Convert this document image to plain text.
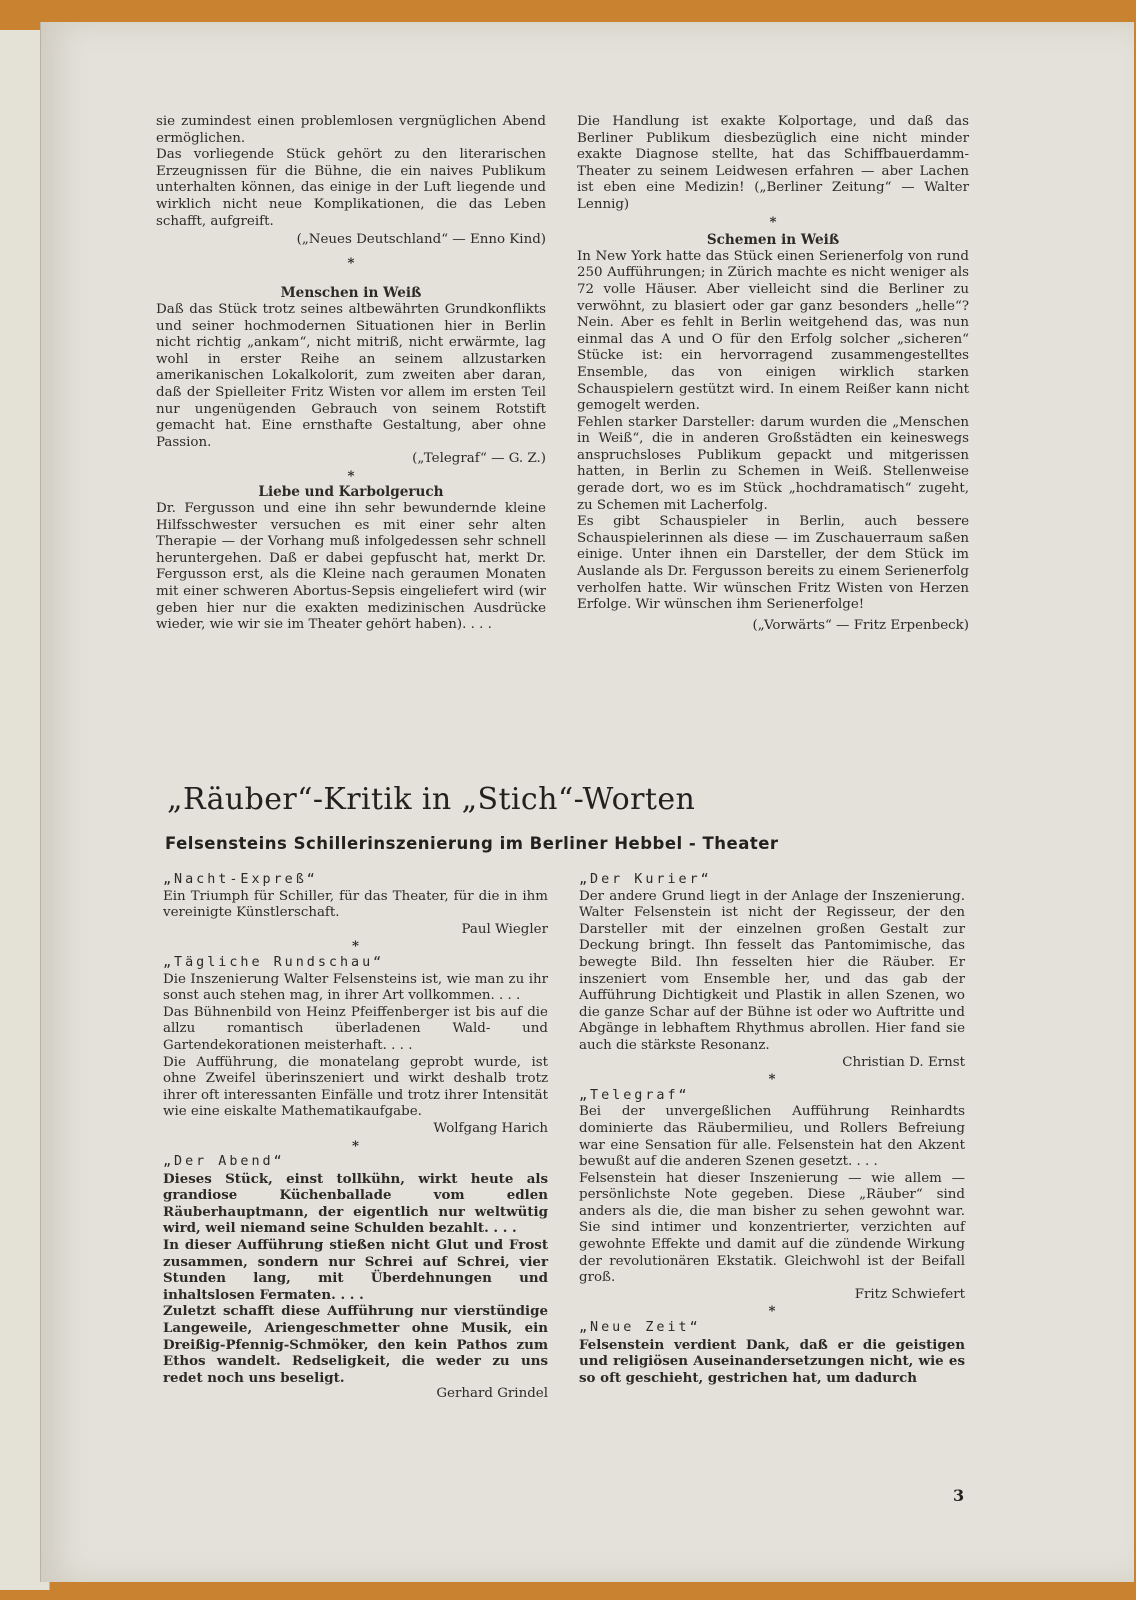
sie zumindest einen problemlosen vergnüglichen Abend ermöglichen.

Das vorliegende Stück gehört zu den literarischen Erzeugnissen für die Bühne, die ein naives Publikum unterhalten können, das einige in der Luft liegende und wirklich nicht neue Komplikationen, die das Leben schafft, aufgreift.

(„Neues Deutschland“ — Enno Kind)

*

Menschen in Weiß

Daß das Stück trotz seines altbewährten Grundkonflikts und seiner hochmodernen Situationen hier in Berlin nicht richtig „ankam“, nicht mitriß, nicht erwärmte, lag wohl in erster Reihe an seinem allzustarken amerikanischen Lokalkolorit, zum zweiten aber daran, daß der Spielleiter Fritz Wisten vor allem im ersten Teil nur ungenügenden Gebrauch von seinem Rotstift gemacht hat. Eine ernsthafte Gestaltung, aber ohne Passion.

(„Telegraf“ — G. Z.)

*

Liebe und Karbolgeruch

Dr. Fergusson und eine ihn sehr bewundernde kleine Hilfsschwester versuchen es mit einer sehr alten Therapie — der Vorhang muß infolgedessen sehr schnell heruntergehen. Daß er dabei gepfuscht hat, merkt Dr. Fergusson erst, als die Kleine nach geraumen Monaten mit einer schweren Abortus-Sepsis eingeliefert wird (wir geben hier nur die exakten medizinischen Ausdrücke wieder, wie wir sie im Theater gehört haben). . . .

Die Handlung ist exakte Kolportage, und daß das Berliner Publikum diesbezüglich eine nicht minder exakte Diagnose stellte, hat das Schiffbauerdamm-Theater zu seinem Leidwesen erfahren — aber Lachen ist eben eine Medizin! („Berliner Zeitung“ — Walter Lennig)

*

Schemen in Weiß

In New York hatte das Stück einen Serienerfolg von rund 250 Aufführungen; in Zürich machte es nicht weniger als 72 volle Häuser. Aber vielleicht sind die Berliner zu verwöhnt, zu blasiert oder gar ganz besonders „helle“? Nein. Aber es fehlt in Berlin weitgehend das, was nun einmal das A und O für den Erfolg solcher „sicheren“ Stücke ist: ein hervorragend zusammengestelltes Ensemble, das von einigen wirklich starken Schauspielern gestützt wird. In einem Reißer kann nicht gemogelt werden.

Fehlen starker Darsteller: darum wurden die „Menschen in Weiß“, die in anderen Großstädten ein keineswegs anspruchsloses Publikum gepackt und mitgerissen hatten, in Berlin zu Schemen in Weiß. Stellenweise gerade dort, wo es im Stück „hochdramatisch“ zugeht, zu Schemen mit Lacherfolg.

Es gibt Schauspieler in Berlin, auch bessere Schauspielerinnen als diese — im Zuschauerraum saßen einige. Unter ihnen ein Darsteller, der dem Stück im Auslande als Dr. Fergusson bereits zu einem Serienerfolg verholfen hatte. Wir wünschen Fritz Wisten von Herzen Erfolge. Wir wünschen ihm Serienerfolge!

(„Vorwärts“ — Fritz Erpenbeck)

„Räuber“-Kritik in „Stich“-Worten
Felsensteins Schillerinszenierung im Berliner Hebbel - Theater

„Nacht-Expreß“

Ein Triumph für Schiller, für das Theater, für die in ihm vereinigte Künstlerschaft.

Paul Wiegler

*

„Tägliche Rundschau“

Die Inszenierung Walter Felsensteins ist, wie man zu ihr sonst auch stehen mag, in ihrer Art vollkommen. . . .

Das Bühnenbild von Heinz Pfeiffenberger ist bis auf die allzu romantisch überladenen Wald- und Gartendekorationen meisterhaft. . . .

Die Aufführung, die monatelang geprobt wurde, ist ohne Zweifel überinszeniert und wirkt deshalb trotz ihrer oft interessanten Einfälle und trotz ihrer Intensität wie eine eiskalte Mathematikaufgabe.

Wolfgang Harich

*

„Der Abend“

Dieses Stück, einst tollkühn, wirkt heute als grandiose Küchenballade vom edlen Räuberhauptmann, der eigentlich nur weltwütig wird, weil niemand seine Schulden bezahlt. . . .

In dieser Aufführung stießen nicht Glut und Frost zusammen, sondern nur Schrei auf Schrei, vier Stunden lang, mit Überdehnungen und inhaltslosen Fermaten. . . .

Zuletzt schafft diese Aufführung nur vierstündige Langeweile, Ariengeschmetter ohne Musik, ein Dreißig-Pfennig-Schmöker, den kein Pathos zum Ethos wandelt. Redseligkeit, die weder zu uns redet noch uns beseligt.

Gerhard Grindel

„Der Kurier“

Der andere Grund liegt in der Anlage der Inszenierung. Walter Felsenstein ist nicht der Regisseur, der den Darsteller mit der einzelnen großen Gestalt zur Deckung bringt. Ihn fesselt das Pantomimische, das bewegte Bild. Ihn fesselten hier die Räuber. Er inszeniert vom Ensemble her, und das gab der Aufführung Dichtigkeit und Plastik in allen Szenen, wo die ganze Schar auf der Bühne ist oder wo Auftritte und Abgänge in lebhaftem Rhythmus abrollen. Hier fand sie auch die stärkste Resonanz.

Christian D. Ernst

*

„Telegraf“

Bei der unvergeßlichen Aufführung Reinhardts dominierte das Räubermilieu, und Rollers Befreiung war eine Sensation für alle. Felsenstein hat den Akzent bewußt auf die anderen Szenen gesetzt. . . .

Felsenstein hat dieser Inszenierung — wie allem — persönlichste Note gegeben. Diese „Räuber“ sind anders als die, die man bisher zu sehen gewohnt war. Sie sind intimer und konzentrierter, verzichten auf gewohnte Effekte und damit auf die zündende Wirkung der revolutionären Ekstatik. Gleichwohl ist der Beifall groß.

Fritz Schwiefert

*

„Neue Zeit“

Felsenstein verdient Dank, daß er die geistigen und religiösen Auseinandersetzungen nicht, wie es so oft geschieht, gestrichen hat, um dadurch

3
